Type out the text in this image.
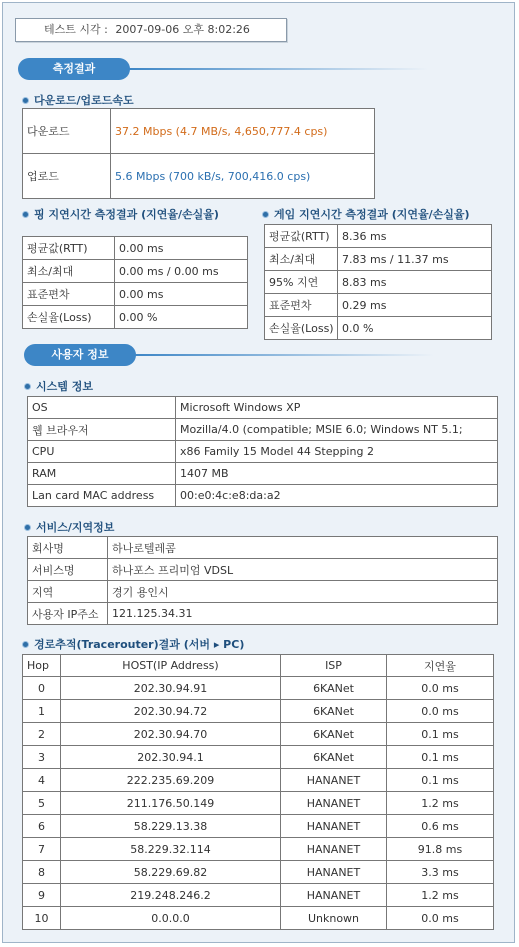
테스트 시각 : 2007-09-06 오후 8:02:26
측정결과
다운로드/업로드속도
다운로드	37.2 Mbps (4.7 MB/s, 4,650,777.4 cps)
업로드	5.6 Mbps (700 kB/s, 700,416.0 cps)
핑 지연시간 측정결과 (지연율/손실율)
평균값(RTT)	0.00 ms
최소/최대	0.00 ms / 0.00 ms
표준편차	0.00 ms
손실율(Loss)	0.00 %
게임 지연시간 측정결과 (지연율/손실율)
평균값(RTT)	8.36 ms
최소/최대	7.83 ms / 11.37 ms
95% 지연	8.83 ms
표준편차	0.29 ms
손실율(Loss)	0.0 %
사용자 정보
시스템 정보
OS	Microsoft Windows XP
웹 브라우저	Mozilla/4.0 (compatible; MSIE 6.0; Windows NT 5.1;
CPU	x86 Family 15 Model 44 Stepping 2
RAM	1407 MB
Lan card MAC address	00:e0:4c:e8:da:a2
서비스/지역정보
회사명	하나로텔레콤
서비스명	하나포스 프리미엄 VDSL
지역	경기 용인시
사용자 IP주소	121.125.34.31
경로추적(Tracerouter)결과 (서버 ▸ PC)
Hop	HOST(IP Address)	ISP	지연율
0	202.30.94.91	6KANet	0.0 ms
1	202.30.94.72	6KANet	0.0 ms
2	202.30.94.70	6KANet	0.1 ms
3	202.30.94.1	6KANet	0.1 ms
4	222.235.69.209	HANANET	0.1 ms
5	211.176.50.149	HANANET	1.2 ms
6	58.229.13.38	HANANET	0.6 ms
7	58.229.32.114	HANANET	91.8 ms
8	58.229.69.82	HANANET	3.3 ms
9	219.248.246.2	HANANET	1.2 ms
10	0.0.0.0	Unknown	0.0 ms
